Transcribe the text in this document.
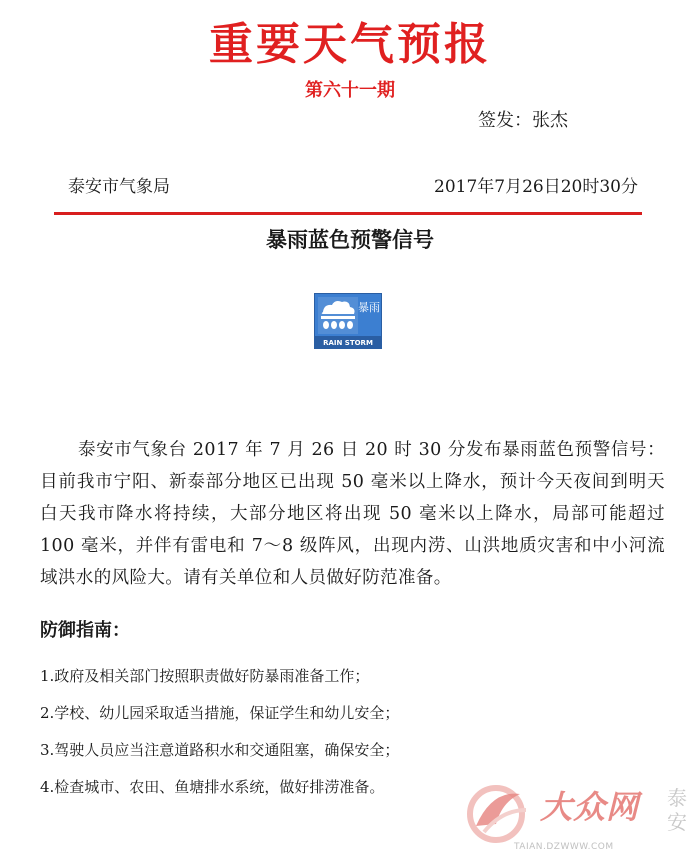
重要天气预报
第六十一期
签发：张杰
泰安市气象局	2017年7月26日20时30分
暴雨蓝色预警信号
暴雨
RAIN STORM
泰安市气象台 2017 年 7 月 26 日 20 时 30 分发布暴雨蓝色预警信号：目前我市宁阳、新泰部分地区已出现 50 毫米以上降水，预计今天夜间到明天白天我市降水将持续，大部分地区将出现 50 毫米以上降水，局部可能超过 100 毫米，并伴有雷电和 7～8 级阵风，出现内涝、山洪地质灾害和中小河流域洪水的风险大。请有关单位和人员做好防范准备。
防御指南：
1.政府及相关部门按照职责做好防暴雨准备工作；
2.学校、幼儿园采取适当措施，保证学生和幼儿安全；
3.驾驶人员应当注意道路积水和交通阻塞，确保安全；
4.检查城市、农田、鱼塘排水系统，做好排涝准备。
大众网 泰安
TAIAN.DZWWW.COM
